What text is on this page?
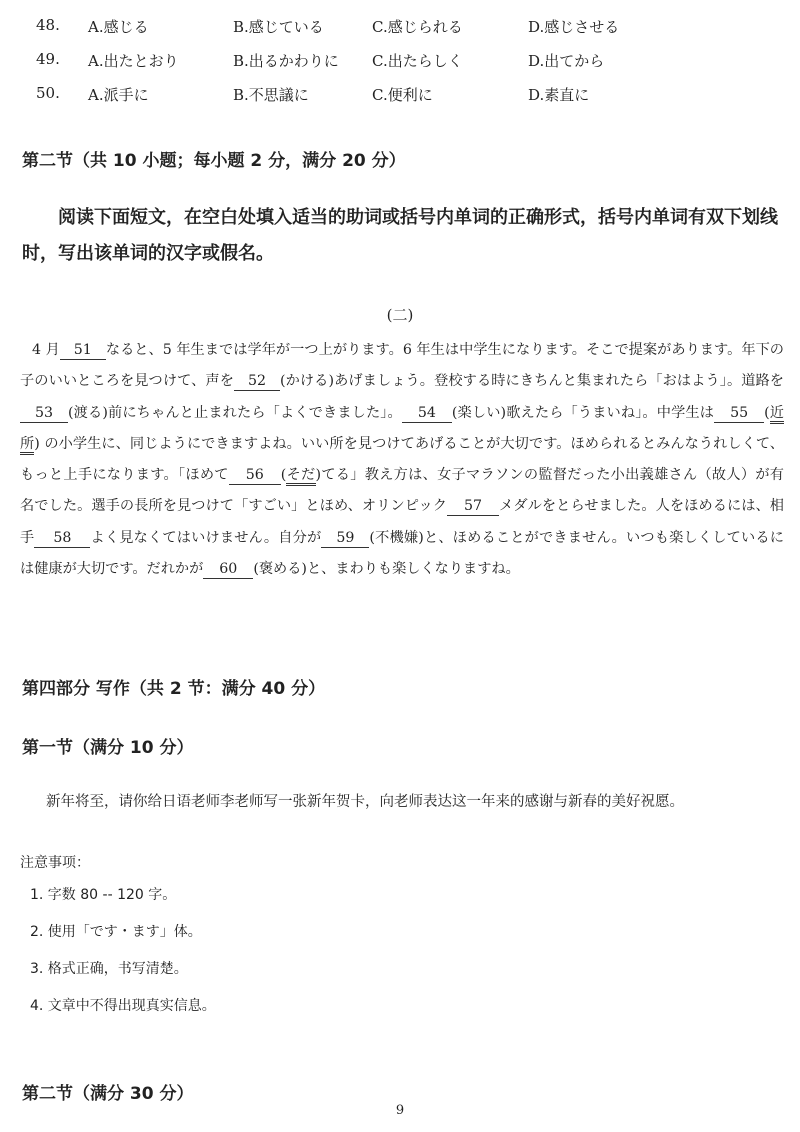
48. A.感じる	B.感じている	C.感じられる	D.感じさせる
49. A.出たとおり	B.出るかわりに C.出たらしく	D.出てから
50. A.派手に	B.不思議に	C.便利に	D.素直に
第二节（共 10 小题；每小题 2 分，满分 20 分）
阅读下面短文，在空白处填入适当的助词或括号内单词的正确形式，括号内单词有双下划线时，写出该单词的汉字或假名。
(二)
4 月 51 なると、5 年生までは学年が一つ上がります。6 年生は中学生になります。そこで提案があります。年下の子のいいところを見つけて、声を 52 (かける)あげましょう。登校する時にきちんと集まれたら「おはよう」。道路を53 (渡る)前にちゃんと止まれたら「よくできました」。 54 (楽しい)歌えたら「うまいね」。中学生は 55 (近所) の小学生に、同じようにできますよね。いい所を見つけてあげることが大切です。ほめられるとみんなうれしくて、もっと上手になります。「ほめて 56 (そだ)てる」教え方は、女子マラソンの監督だった小出義雄さん（故人）が有名でした。選手の長所を見つけて「すごい」とほめ、オリンピック 57 メダルをとらせました。人をほめるには、相手 58 よく見なくてはいけません。自分が 59 (不機嫌)と、ほめることができません。いつも楽しくしているには健康が大切です。だれかが 60 (褒める)と、まわりも楽しくなりますね。
第四部分 写作（共 2 节：满分 40 分）
第一节（满分 10 分）
新年将至，请你给日语老师李老师写一张新年贺卡，向老师表达这一年来的感谢与新春的美好祝愿。
注意事项：
1. 字数 80 -- 120 字。
2. 使用「です・ます」体。
3. 格式正确，书写清楚。
4. 文章中不得出现真实信息。
第二节（满分 30 分）
9
